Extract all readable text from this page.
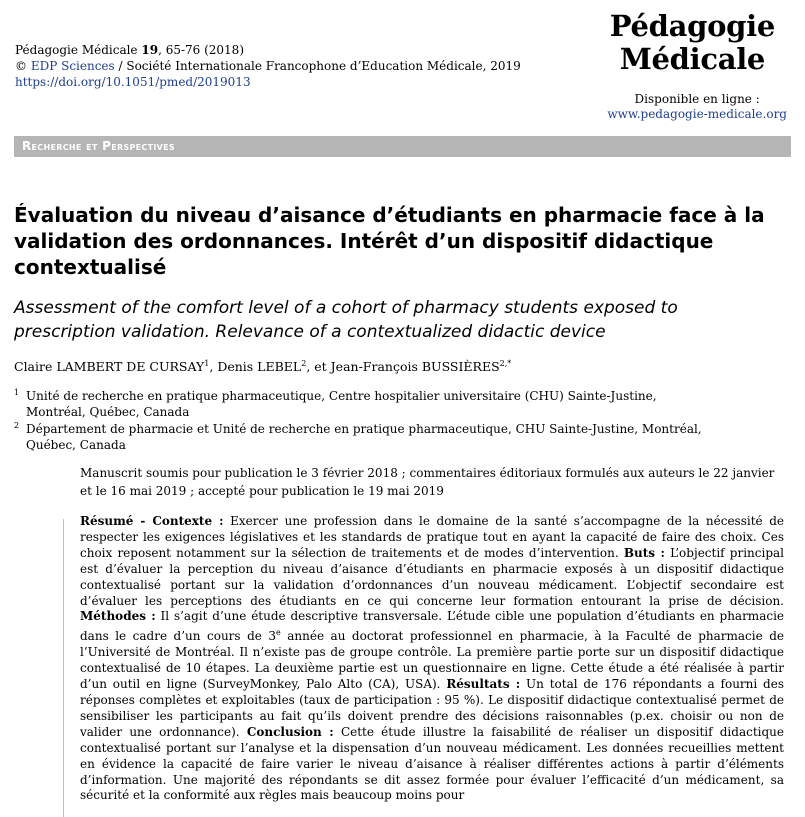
Pédagogie Médicale 19, 65-76 (2018)
© EDP Sciences / Société Internationale Francophone d’Education Médicale, 2019
https://doi.org/10.1051/pmed/2019013
Pédagogie
Médicale
Disponible en ligne :
www.pedagogie-medicale.org
Recherche et Perspectives
Évaluation du niveau d’aisance d’étudiants en pharmacie face à la validation des ordonnances. Intérêt d’un dispositif didactique contextualisé
Assessment of the comfort level of a cohort of pharmacy students exposed to prescription validation. Relevance of a contextualized didactic device
Claire LAMBERT DE CURSAY$^1$, Denis LEBEL$^2$, et Jean-François $BUSSIÈRES^{2,*}$
1 Unité de recherche en pratique pharmaceutique, Centre hospitalier universitaire (CHU) Sainte-Justine, Montréal, Québec, Canada
2 Département de pharmacie et Unité de recherche en pratique pharmaceutique, CHU Sainte-Justine, Montréal, Québec, Canada
Manuscrit soumis pour publication le 3 février 2018 ; commentaires éditoriaux formulés aux auteurs le 22 janvier et le 16 mai 2019 ; accepté pour publication le 19 mai 2019
Résumé - Contexte : Exercer une profession dans le domaine de la santé s’accompagne de la nécessité de respecter les exigences législatives et les standards de pratique tout en ayant la capacité de faire des choix. Ces choix reposent notamment sur la sélection de traitements et de modes d’intervention. Buts : L’objectif principal est d’évaluer la perception du niveau d’aisance d’étudiants en pharmacie exposés à un dispositif didactique contextualisé portant sur la validation d’ordonnances d’un nouveau médicament. L’objectif secondaire est d’évaluer les perceptions des étudiants en ce qui concerne leur formation entourant la prise de décision. Méthodes : Il s’agit d’une étude descriptive transversale. L’étude cible une population d’étudiants en pharmacie dans le cadre d’un cours de 3e année au doctorat professionnel en pharmacie, à la Faculté de pharmacie de l’Université de Montréal. Il n’existe pas de groupe contrôle. La première partie porte sur un dispositif didactique contextualisé de 10 étapes. La deuxième partie est un questionnaire en ligne. Cette étude a été réalisée à partir d’un outil en ligne (SurveyMonkey, Palo Alto (CA), USA). Résultats : Un total de 176 répondants a fourni des réponses complètes et exploitables (taux de participation : 95 %). Le dispositif didactique contextualisé permet de sensibiliser les participants au fait qu’ils doivent prendre des décisions raisonnables (p.ex. choisir ou non de valider une ordonnance). Conclusion : Cette étude illustre la faisabilité de réaliser un dispositif didactique contextualisé portant sur l’analyse et la dispensation d’un nouveau médicament. Les données recueillies mettent en évidence la capacité de faire varier le niveau d’aisance à réaliser différentes actions à partir d’éléments d’information. Une majorité des répondants se dit assez formée pour évaluer l’efficacité d’un médicament, sa sécurité et la conformité aux règles mais beaucoup moins pour
